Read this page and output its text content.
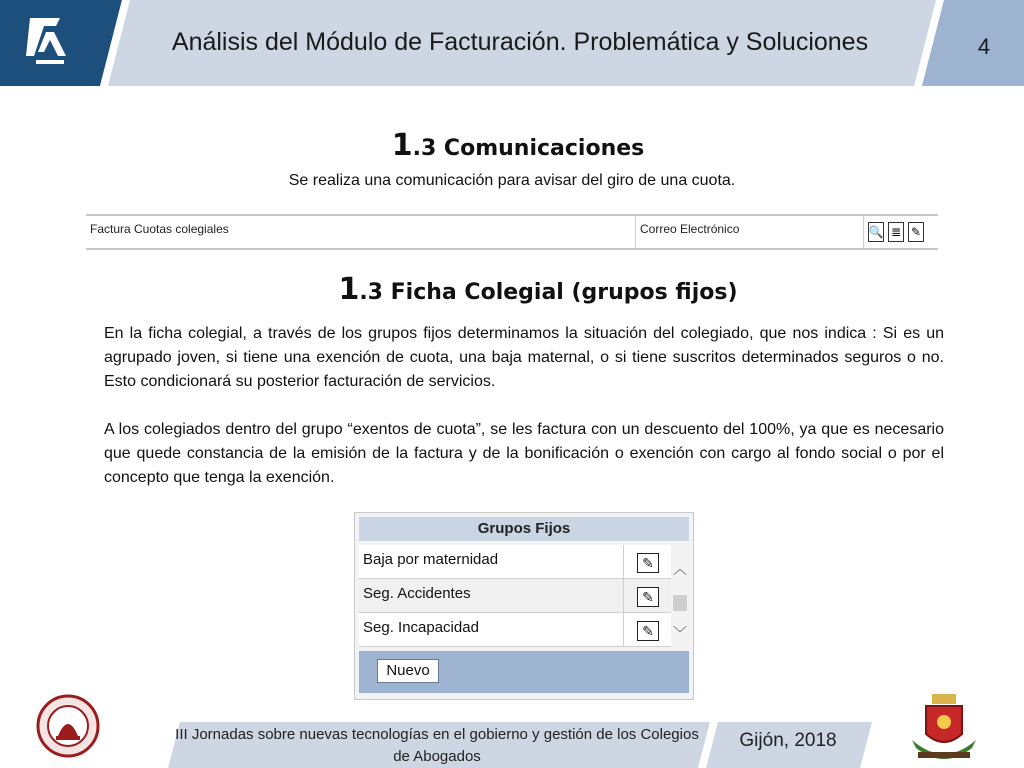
Análisis del Módulo de Facturación. Problemática y Soluciones	4
1.3 Comunicaciones
Se realiza una comunicación para avisar del giro de una cuota.
Factura Cuotas colegiales	Correo Electrónico	🔍 ≣ ✎
1.3 Ficha Colegial (grupos fijos)
En la ficha colegial, a través de los grupos fijos determinamos la situación del colegiado, que nos indica : Si es un agrupado joven, si tiene una exención de cuota, una baja maternal, o si tiene suscritos determinados seguros o no. Esto condicionará su posterior facturación de servicios.
A los colegiados dentro del grupo “exentos de cuota”, se les factura con un descuento del 100%, ya que es necesario que quede constancia de la emisión de la factura y de la bonificación o exención con cargo al fondo social o por el concepto que tenga la exención.
Grupos Fijos
Baja por maternidad	✎
Seg. Accidentes	✎
Seg. Incapacidad	✎
︿
﹀
Nuevo
III Jornadas sobre nuevas tecnologías en el gobierno y gestión de los Colegios de Abogados
Gijón, 2018
